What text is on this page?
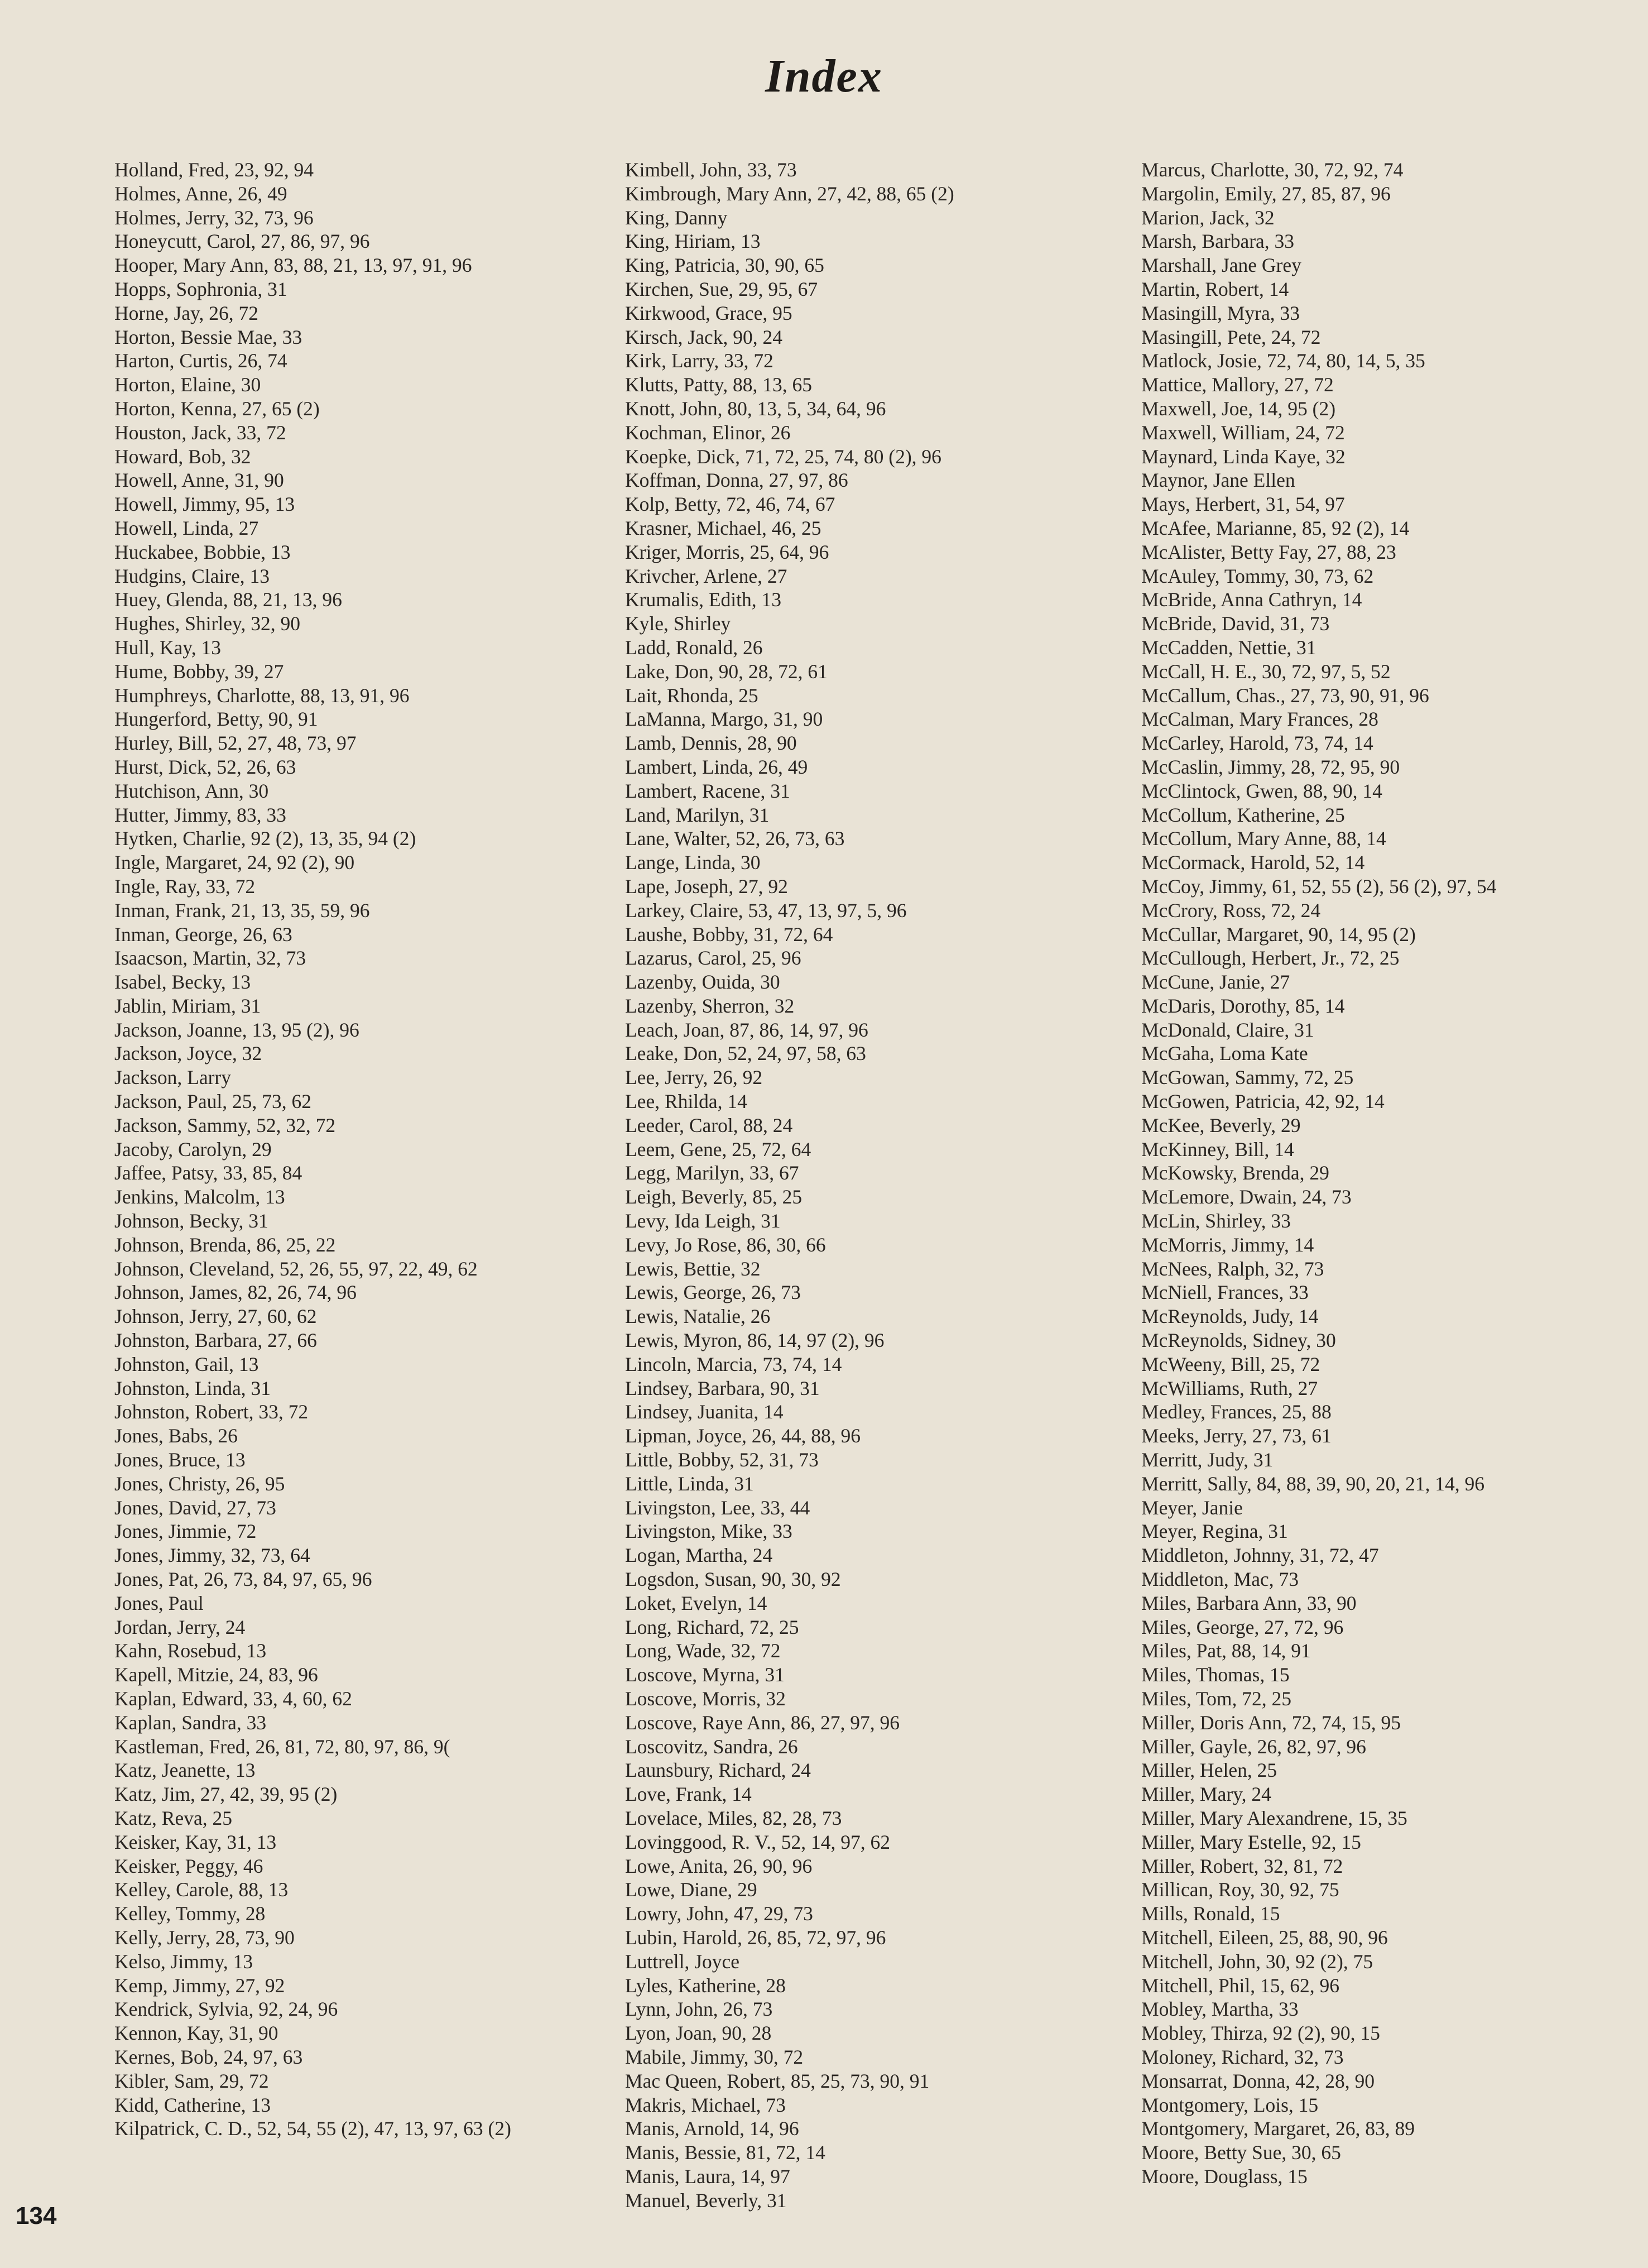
Index
Holland, Fred, 23, 92, 94
Holmes, Anne, 26, 49
Holmes, Jerry, 32, 73, 96
Honeycutt, Carol, 27, 86, 97, 96
Hooper, Mary Ann, 83, 88, 21, 13, 97, 91, 96
Hopps, Sophronia, 31
Horne, Jay, 26, 72
Horton, Bessie Mae, 33
Harton, Curtis, 26, 74
Horton, Elaine, 30
Horton, Kenna, 27, 65 (2)
Houston, Jack, 33, 72
Howard, Bob, 32
Howell, Anne, 31, 90
Howell, Jimmy, 95, 13
Howell, Linda, 27
Huckabee, Bobbie, 13
Hudgins, Claire, 13
Huey, Glenda, 88, 21, 13, 96
Hughes, Shirley, 32, 90
Hull, Kay, 13
Hume, Bobby, 39, 27
Humphreys, Charlotte, 88, 13, 91, 96
Hungerford, Betty, 90, 91
Hurley, Bill, 52, 27, 48, 73, 97
Hurst, Dick, 52, 26, 63
Hutchison, Ann, 30
Hutter, Jimmy, 83, 33
Hytken, Charlie, 92 (2), 13, 35, 94 (2)
Ingle, Margaret, 24, 92 (2), 90
Ingle, Ray, 33, 72
Inman, Frank, 21, 13, 35, 59, 96
Inman, George, 26, 63
Isaacson, Martin, 32, 73
Isabel, Becky, 13
Jablin, Miriam, 31
Jackson, Joanne, 13, 95 (2), 96
Jackson, Joyce, 32
Jackson, Larry
Jackson, Paul, 25, 73, 62
Jackson, Sammy, 52, 32, 72
Jacoby, Carolyn, 29
Jaffee, Patsy, 33, 85, 84
Jenkins, Malcolm, 13
Johnson, Becky, 31
Johnson, Brenda, 86, 25, 22
Johnson, Cleveland, 52, 26, 55, 97, 22, 49, 62
Johnson, James, 82, 26, 74, 96
Johnson, Jerry, 27, 60, 62
Johnston, Barbara, 27, 66
Johnston, Gail, 13
Johnston, Linda, 31
Johnston, Robert, 33, 72
Jones, Babs, 26
Jones, Bruce, 13
Jones, Christy, 26, 95
Jones, David, 27, 73
Jones, Jimmie, 72
Jones, Jimmy, 32, 73, 64
Jones, Pat, 26, 73, 84, 97, 65, 96
Jones, Paul
Jordan, Jerry, 24
Kahn, Rosebud, 13
Kapell, Mitzie, 24, 83, 96
Kaplan, Edward, 33, 4, 60, 62
Kaplan, Sandra, 33
Kastleman, Fred, 26, 81, 72, 80, 97, 86, 9(
Katz, Jeanette, 13
Katz, Jim, 27, 42, 39, 95 (2)
Katz, Reva, 25
Keisker, Kay, 31, 13
Keisker, Peggy, 46
Kelley, Carole, 88, 13
Kelley, Tommy, 28
Kelly, Jerry, 28, 73, 90
Kelso, Jimmy, 13
Kemp, Jimmy, 27, 92
Kendrick, Sylvia, 92, 24, 96
Kennon, Kay, 31, 90
Kernes, Bob, 24, 97, 63
Kibler, Sam, 29, 72
Kidd, Catherine, 13
Kilpatrick, C. D., 52, 54, 55 (2), 47, 13, 97, 63 (2)
Kimbell, John, 33, 73
Kimbrough, Mary Ann, 27, 42, 88, 65 (2)
King, Danny
King, Hiriam, 13
King, Patricia, 30, 90, 65
Kirchen, Sue, 29, 95, 67
Kirkwood, Grace, 95
Kirsch, Jack, 90, 24
Kirk, Larry, 33, 72
Klutts, Patty, 88, 13, 65
Knott, John, 80, 13, 5, 34, 64, 96
Kochman, Elinor, 26
Koepke, Dick, 71, 72, 25, 74, 80 (2), 96
Koffman, Donna, 27, 97, 86
Kolp, Betty, 72, 46, 74, 67
Krasner, Michael, 46, 25
Kriger, Morris, 25, 64, 96
Krivcher, Arlene, 27
Krumalis, Edith, 13
Kyle, Shirley
Ladd, Ronald, 26
Lake, Don, 90, 28, 72, 61
Lait, Rhonda, 25
LaManna, Margo, 31, 90
Lamb, Dennis, 28, 90
Lambert, Linda, 26, 49
Lambert, Racene, 31
Land, Marilyn, 31
Lane, Walter, 52, 26, 73, 63
Lange, Linda, 30
Lape, Joseph, 27, 92
Larkey, Claire, 53, 47, 13, 97, 5, 96
Laushe, Bobby, 31, 72, 64
Lazarus, Carol, 25, 96
Lazenby, Ouida, 30
Lazenby, Sherron, 32
Leach, Joan, 87, 86, 14, 97, 96
Leake, Don, 52, 24, 97, 58, 63
Lee, Jerry, 26, 92
Lee, Rhilda, 14
Leeder, Carol, 88, 24
Leem, Gene, 25, 72, 64
Legg, Marilyn, 33, 67
Leigh, Beverly, 85, 25
Levy, Ida Leigh, 31
Levy, Jo Rose, 86, 30, 66
Lewis, Bettie, 32
Lewis, George, 26, 73
Lewis, Natalie, 26
Lewis, Myron, 86, 14, 97 (2), 96
Lincoln, Marcia, 73, 74, 14
Lindsey, Barbara, 90, 31
Lindsey, Juanita, 14
Lipman, Joyce, 26, 44, 88, 96
Little, Bobby, 52, 31, 73
Little, Linda, 31
Livingston, Lee, 33, 44
Livingston, Mike, 33
Logan, Martha, 24
Logsdon, Susan, 90, 30, 92
Loket, Evelyn, 14
Long, Richard, 72, 25
Long, Wade, 32, 72
Loscove, Myrna, 31
Loscove, Morris, 32
Loscove, Raye Ann, 86, 27, 97, 96
Loscovitz, Sandra, 26
Launsbury, Richard, 24
Love, Frank, 14
Lovelace, Miles, 82, 28, 73
Lovinggood, R. V., 52, 14, 97, 62
Lowe, Anita, 26, 90, 96
Lowe, Diane, 29
Lowry, John, 47, 29, 73
Lubin, Harold, 26, 85, 72, 97, 96
Luttrell, Joyce
Lyles, Katherine, 28
Lynn, John, 26, 73
Lyon, Joan, 90, 28
Mabile, Jimmy, 30, 72
Mac Queen, Robert, 85, 25, 73, 90, 91
Makris, Michael, 73
Manis, Arnold, 14, 96
Manis, Bessie, 81, 72, 14
Manis, Laura, 14, 97
Manuel, Beverly, 31
Marcus, Charlotte, 30, 72, 92, 74
Margolin, Emily, 27, 85, 87, 96
Marion, Jack, 32
Marsh, Barbara, 33
Marshall, Jane Grey
Martin, Robert, 14
Masingill, Myra, 33
Masingill, Pete, 24, 72
Matlock, Josie, 72, 74, 80, 14, 5, 35
Mattice, Mallory, 27, 72
Maxwell, Joe, 14, 95 (2)
Maxwell, William, 24, 72
Maynard, Linda Kaye, 32
Maynor, Jane Ellen
Mays, Herbert, 31, 54, 97
McAfee, Marianne, 85, 92 (2), 14
McAlister, Betty Fay, 27, 88, 23
McAuley, Tommy, 30, 73, 62
McBride, Anna Cathryn, 14
McBride, David, 31, 73
McCadden, Nettie, 31
McCall, H. E., 30, 72, 97, 5, 52
McCallum, Chas., 27, 73, 90, 91, 96
McCalman, Mary Frances, 28
McCarley, Harold, 73, 74, 14
McCaslin, Jimmy, 28, 72, 95, 90
McClintock, Gwen, 88, 90, 14
McCollum, Katherine, 25
McCollum, Mary Anne, 88, 14
McCormack, Harold, 52, 14
McCoy, Jimmy, 61, 52, 55 (2), 56 (2), 97, 54
McCrory, Ross, 72, 24
McCullar, Margaret, 90, 14, 95 (2)
McCullough, Herbert, Jr., 72, 25
McCune, Janie, 27
McDaris, Dorothy, 85, 14
McDonald, Claire, 31
McGaha, Loma Kate
McGowan, Sammy, 72, 25
McGowen, Patricia, 42, 92, 14
McKee, Beverly, 29
McKinney, Bill, 14
McKowsky, Brenda, 29
McLemore, Dwain, 24, 73
McLin, Shirley, 33
McMorris, Jimmy, 14
McNees, Ralph, 32, 73
McNiell, Frances, 33
McReynolds, Judy, 14
McReynolds, Sidney, 30
McWeeny, Bill, 25, 72
McWilliams, Ruth, 27
Medley, Frances, 25, 88
Meeks, Jerry, 27, 73, 61
Merritt, Judy, 31
Merritt, Sally, 84, 88, 39, 90, 20, 21, 14, 96
Meyer, Janie
Meyer, Regina, 31
Middleton, Johnny, 31, 72, 47
Middleton, Mac, 73
Miles, Barbara Ann, 33, 90
Miles, George, 27, 72, 96
Miles, Pat, 88, 14, 91
Miles, Thomas, 15
Miles, Tom, 72, 25
Miller, Doris Ann, 72, 74, 15, 95
Miller, Gayle, 26, 82, 97, 96
Miller, Helen, 25
Miller, Mary, 24
Miller, Mary Alexandrene, 15, 35
Miller, Mary Estelle, 92, 15
Miller, Robert, 32, 81, 72
Millican, Roy, 30, 92, 75
Mills, Ronald, 15
Mitchell, Eileen, 25, 88, 90, 96
Mitchell, John, 30, 92 (2), 75
Mitchell, Phil, 15, 62, 96
Mobley, Martha, 33
Mobley, Thirza, 92 (2), 90, 15
Moloney, Richard, 32, 73
Monsarrat, Donna, 42, 28, 90
Montgomery, Lois, 15
Montgomery, Margaret, 26, 83, 89
Moore, Betty Sue, 30, 65
Moore, Douglass, 15
134
